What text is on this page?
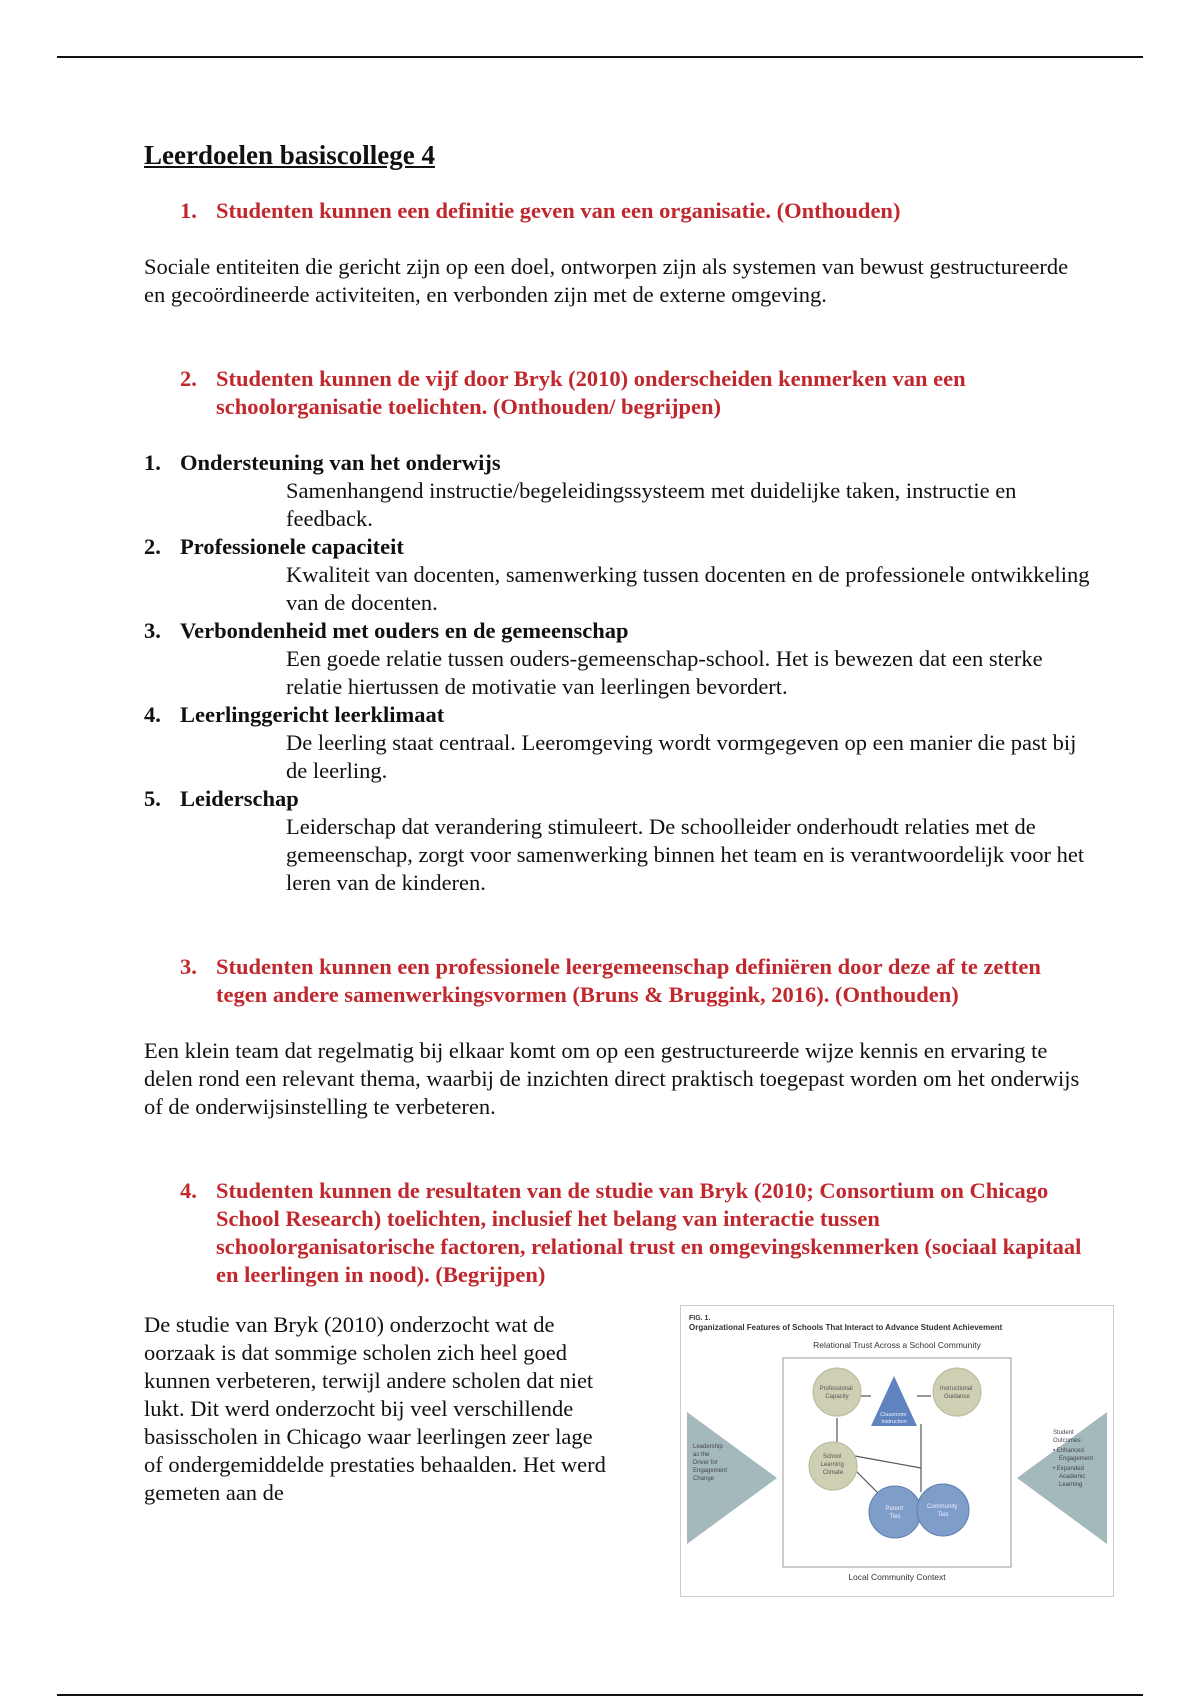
Leerdoelen basiscollege 4
1. Studenten kunnen een definitie geven van een organisatie. (Onthouden)

Sociale entiteiten die gericht zijn op een doel, ontworpen zijn als systemen van bewust gestructureerde en gecoördineerde activiteiten, en verbonden zijn met de externe omgeving.

2. Studenten kunnen de vijf door Bryk (2010) onderscheiden kenmerken van een schoolorganisatie toelichten. (Onthouden/ begrijpen)
1. Ondersteuning van het onderwijs
Samenhangend instructie/begeleidingssysteem met duidelijke taken, instructie en feedback.
2. Professionele capaciteit
Kwaliteit van docenten, samenwerking tussen docenten en de professionele ontwikkeling van de docenten.
3. Verbondenheid met ouders en de gemeenschap
Een goede relatie tussen ouders-gemeenschap-school. Het is bewezen dat een sterke relatie hiertussen de motivatie van leerlingen bevordert.
4. Leerlinggericht leerklimaat
De leerling staat centraal. Leeromgeving wordt vormgegeven op een manier die past bij de leerling.
5. Leiderschap
Leiderschap dat verandering stimuleert. De schoolleider onderhoudt relaties met de gemeenschap, zorgt voor samenwerking binnen het team en is verantwoordelijk voor het leren van de kinderen.
3. Studenten kunnen een professionele leergemeenschap definiëren door deze af te zetten tegen andere samenwerkingsvormen (Bruns & Bruggink, 2016). (Onthouden)

Een klein team dat regelmatig bij elkaar komt om op een gestructureerde wijze kennis en ervaring te delen rond een relevant thema, waarbij de inzichten direct praktisch toegepast worden om het onderwijs of de onderwijsinstelling te verbeteren.

4. Studenten kunnen de resultaten van de studie van Bryk (2010; Consortium on Chicago School Research) toelichten, inclusief het belang van interactie tussen schoolorganisatorische factoren, relational trust en omgevingskenmerken (sociaal kapitaal en leerlingen in nood). (Begrijpen)
De studie van Bryk (2010) onderzocht wat de oorzaak is dat sommige scholen zich heel goed kunnen verbeteren, terwijl andere scholen dat niet lukt. Dit werd onderzocht bij veel verschillende basisscholen in Chicago waar leerlingen zeer lage of ondergemiddelde prestaties behaalden. Het werd gemeten aan de
FIG. 1.
Organizational Features of Schools That Interact to Advance Student Achievement
Relational Trust Across a School Community
Local Community Context
Leadership as the Driver for Engagement Change
Student Outcomes: • Enhanced Engagement • Expanded Academic Learning
Professional Capacity
Instructional Guidance
Classroom Instruction
School Learning Climate
Parent Ties
Community Ties
